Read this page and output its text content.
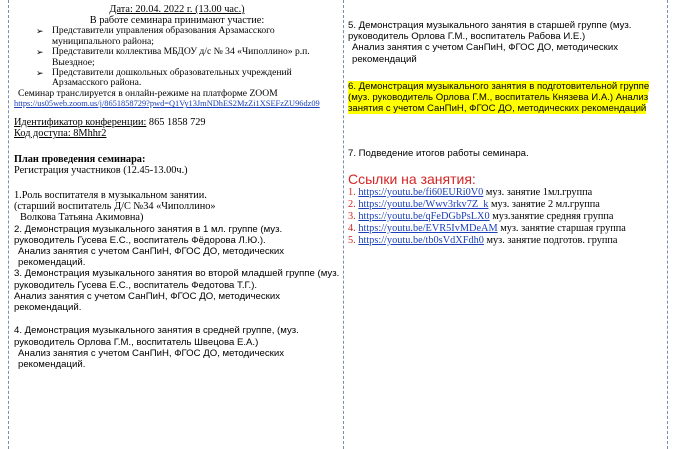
Дата: 20.04. 2022 г. (13.00 час.)
В работе семинара принимают участие:
➢ Представители управления образования Арзамасского муниципального района;
➢ Представители коллектива МБДОУ д/с № 34 «Чиполлино» р.п. Выездное;
➢ Представители дошкольных образовательных учреждений Арзамасского района.
Семинар транслируется в онлайн-режиме на платформе ZOOM
https://us05web.zoom.us/j/8651858729?pwd=Q1Vy13JmNDhES2MzZi1XSEFzZU96dz09
Идентификатор конференции: 865 1858 729
Код доступа: 8Mhhr2
План проведения семинара:
Регистрация участников (12.45-13.00ч.)
1.Роль воспитателя в музыкальном занятии.
(старший воспитатель Д/С №34 «Чиполлино»
Волкова Татьяна Акимовна)
2. Демонстрация музыкального занятия в 1 мл. группе (муз. руководитель Гусева Е.С., воспитатель Фёдорова Л.Ю.).
Анализ занятия с учетом СанПиН, ФГОС ДО, методических рекомендаций.
3. Демонстрация музыкального занятия во второй младшей группе (муз. руководитель Гусева Е.С., воспитатель Федотова Т.Г.).
Анализ занятия с учетом СанПиН, ФГОС ДО, методических рекомендаций.
4. Демонстрация музыкального занятия в средней группе, (муз. руководитель Орлова Г.М., воспитатель Швецова Е.А.)
Анализ занятия с учетом СанПиН, ФГОС ДО, методических рекомендаций.
5. Демонстрация музыкального занятия в старшей группе (муз. руководитель Орлова Г.М., воспитатель Рабова И.Е.)
Анализ занятия с учетом СанПиН, ФГОС ДО, методических рекомендаций
6. Демонстрация музыкального занятия в подготовительной группе (муз. руководитель Орлова Г.М., воспитатель Князева И.А.) Анализ занятия с учетом СанПиН, ФГОС ДО, методических рекомендаций
7. Подведение итогов работы семинара.
Ссылки на занятия:
1. https://youtu.be/fi60EURi0V0 муз. занятие 1мл.группа
2. https://youtu.be/Wwv3rkv7Z_k муз. занятие 2 мл.группа
3. https://youtu.be/qFeDGbPsLX0 муз.занятие средняя группа
4. https://youtu.be/EVR5IvMDeAM муз. занятие старшая группа
5. https://youtu.be/tb0sVdXFdh0 муз. занятие подготов. группа
